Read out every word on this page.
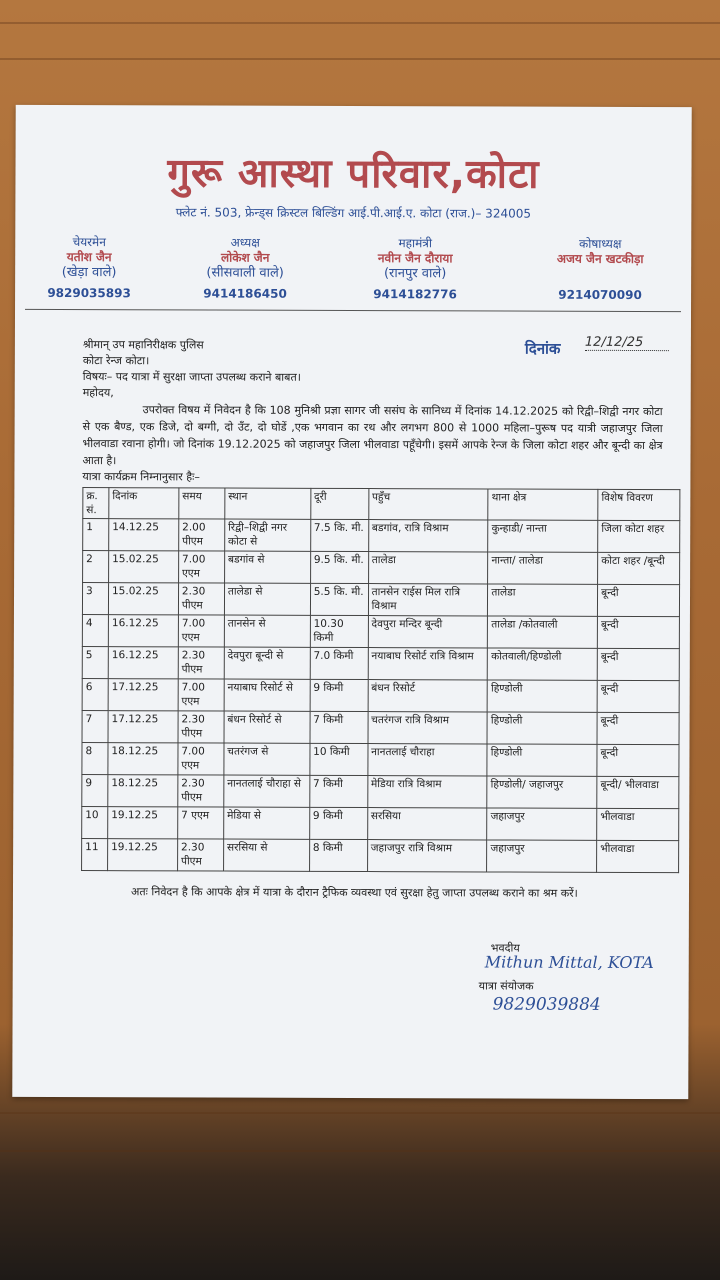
गुरू आस्था परिवार,कोटा
फ्लेट नं. 503, फ्रेन्ड्स क्रिस्टल बिल्डिंग आई.पी.आई.ए. कोटा (राज.)– 324005
चेयरमेन
यतीश जैन
(खेड़ा वाले)
9829035893
अध्यक्ष
लोकेश जैन
(सीसवाली वाले)
9414186450
महामंत्री
नवीन जैन दौराया
(रानपुर वाले)
9414182776
कोषाध्यक्ष
अजय जैन खटकीड़ा
9214070090
श्रीमान् उप महानिरीक्षक पुलिस	दिनांक 12/12/25
कोटा रेन्ज कोटा।
विषयः– पद यात्रा में सुरक्षा जाप्ता उपलब्ध कराने बाबत।
महोदय,
उपरोक्त विषय में निवेदन है कि 108 मुनिश्री प्रज्ञा सागर जी ससंघ के सानिध्य में दिनांक 14.12.2025 को रिद्वी–शिद्वी नगर कोटा से एक बैण्ड, एक डिजे, दो बग्गी, दो उँट, दो घोडें ,एक भगवान का रथ और लगभग 800 से 1000 महिला–पुरूष पद यात्री जहाजपुर जिला भीलवाडा रवाना होगी। जो दिनांक 19.12.2025 को जहाजपुर जिला भीलवाडा पहूँचेगी। इसमें आपके रेन्ज के जिला कोटा शहर और बून्दी का क्षेत्र आता है।
यात्रा कार्यक्रम निम्नानुसार हैः–
क्र. सं.	दिनांक	समय	स्थान	दूरी	पहुँच	थाना क्षेत्र	विशेष विवरण
1	14.12.25	2.00 पीएम	रिद्वी–शिद्वी नगर कोटा से	7.5 कि. मी.	बडगांव, रात्रि विश्राम	कुन्हाडी/ नान्ता	जिला कोटा शहर
2	15.02.25	7.00 एएम	बडगांव से	9.5 कि. मी.	तालेडा	नान्ता/ तालेडा	कोटा शहर /बून्दी
3	15.02.25	2.30 पीएम	तालेडा से	5.5 कि. मी.	तानसेन राईस मिल रात्रि विश्राम	तालेडा	बून्दी
4	16.12.25	7.00 एएम	तानसेन से	10.30 किमी	देवपुरा मन्दिर बून्दी	तालेडा /कोतवाली	बून्दी
5	16.12.25	2.30 पीएम	देवपुरा बून्दी से	7.0 किमी	नयाबाघ रिसोर्ट रात्रि विश्राम	कोतवाली/हिण्डोली	बून्दी
6	17.12.25	7.00 एएम	नयाबाघ रिसोर्ट से	9 किमी	बंधन रिसोर्ट	हिण्डोली	बून्दी
7	17.12.25	2.30 पीएम	बंधन रिसोर्ट से	7 किमी	चतरंगज रात्रि विश्राम	हिण्डोली	बून्दी
8	18.12.25	7.00 एएम	चतरंगज से	10 किमी	नानतलाई चौराहा	हिण्डोली	बून्दी
9	18.12.25	2.30 पीएम	नानतलाई चौराहा से	7 किमी	मेडिया रात्रि विश्राम	हिण्डोली/ जहाजपुर	बून्दी/ भीलवाडा
10	19.12.25	7 एएम	मेडिया से	9 किमी	सरसिया	जहाजपुर	भीलवाडा
11	19.12.25	2.30 पीएम	सरसिया से	8 किमी	जहाजपुर रात्रि विश्राम	जहाजपुर	भीलवाडा
अतः निवेदन है कि आपके क्षेत्र में यात्रा के दौरान ट्रैफिक व्यवस्था एवं सुरक्षा हेतु जाप्ता उपलब्ध कराने का श्रम करें।
भवदीय
Mithun Mittal, KOTA
यात्रा संयोजक
9829039884
